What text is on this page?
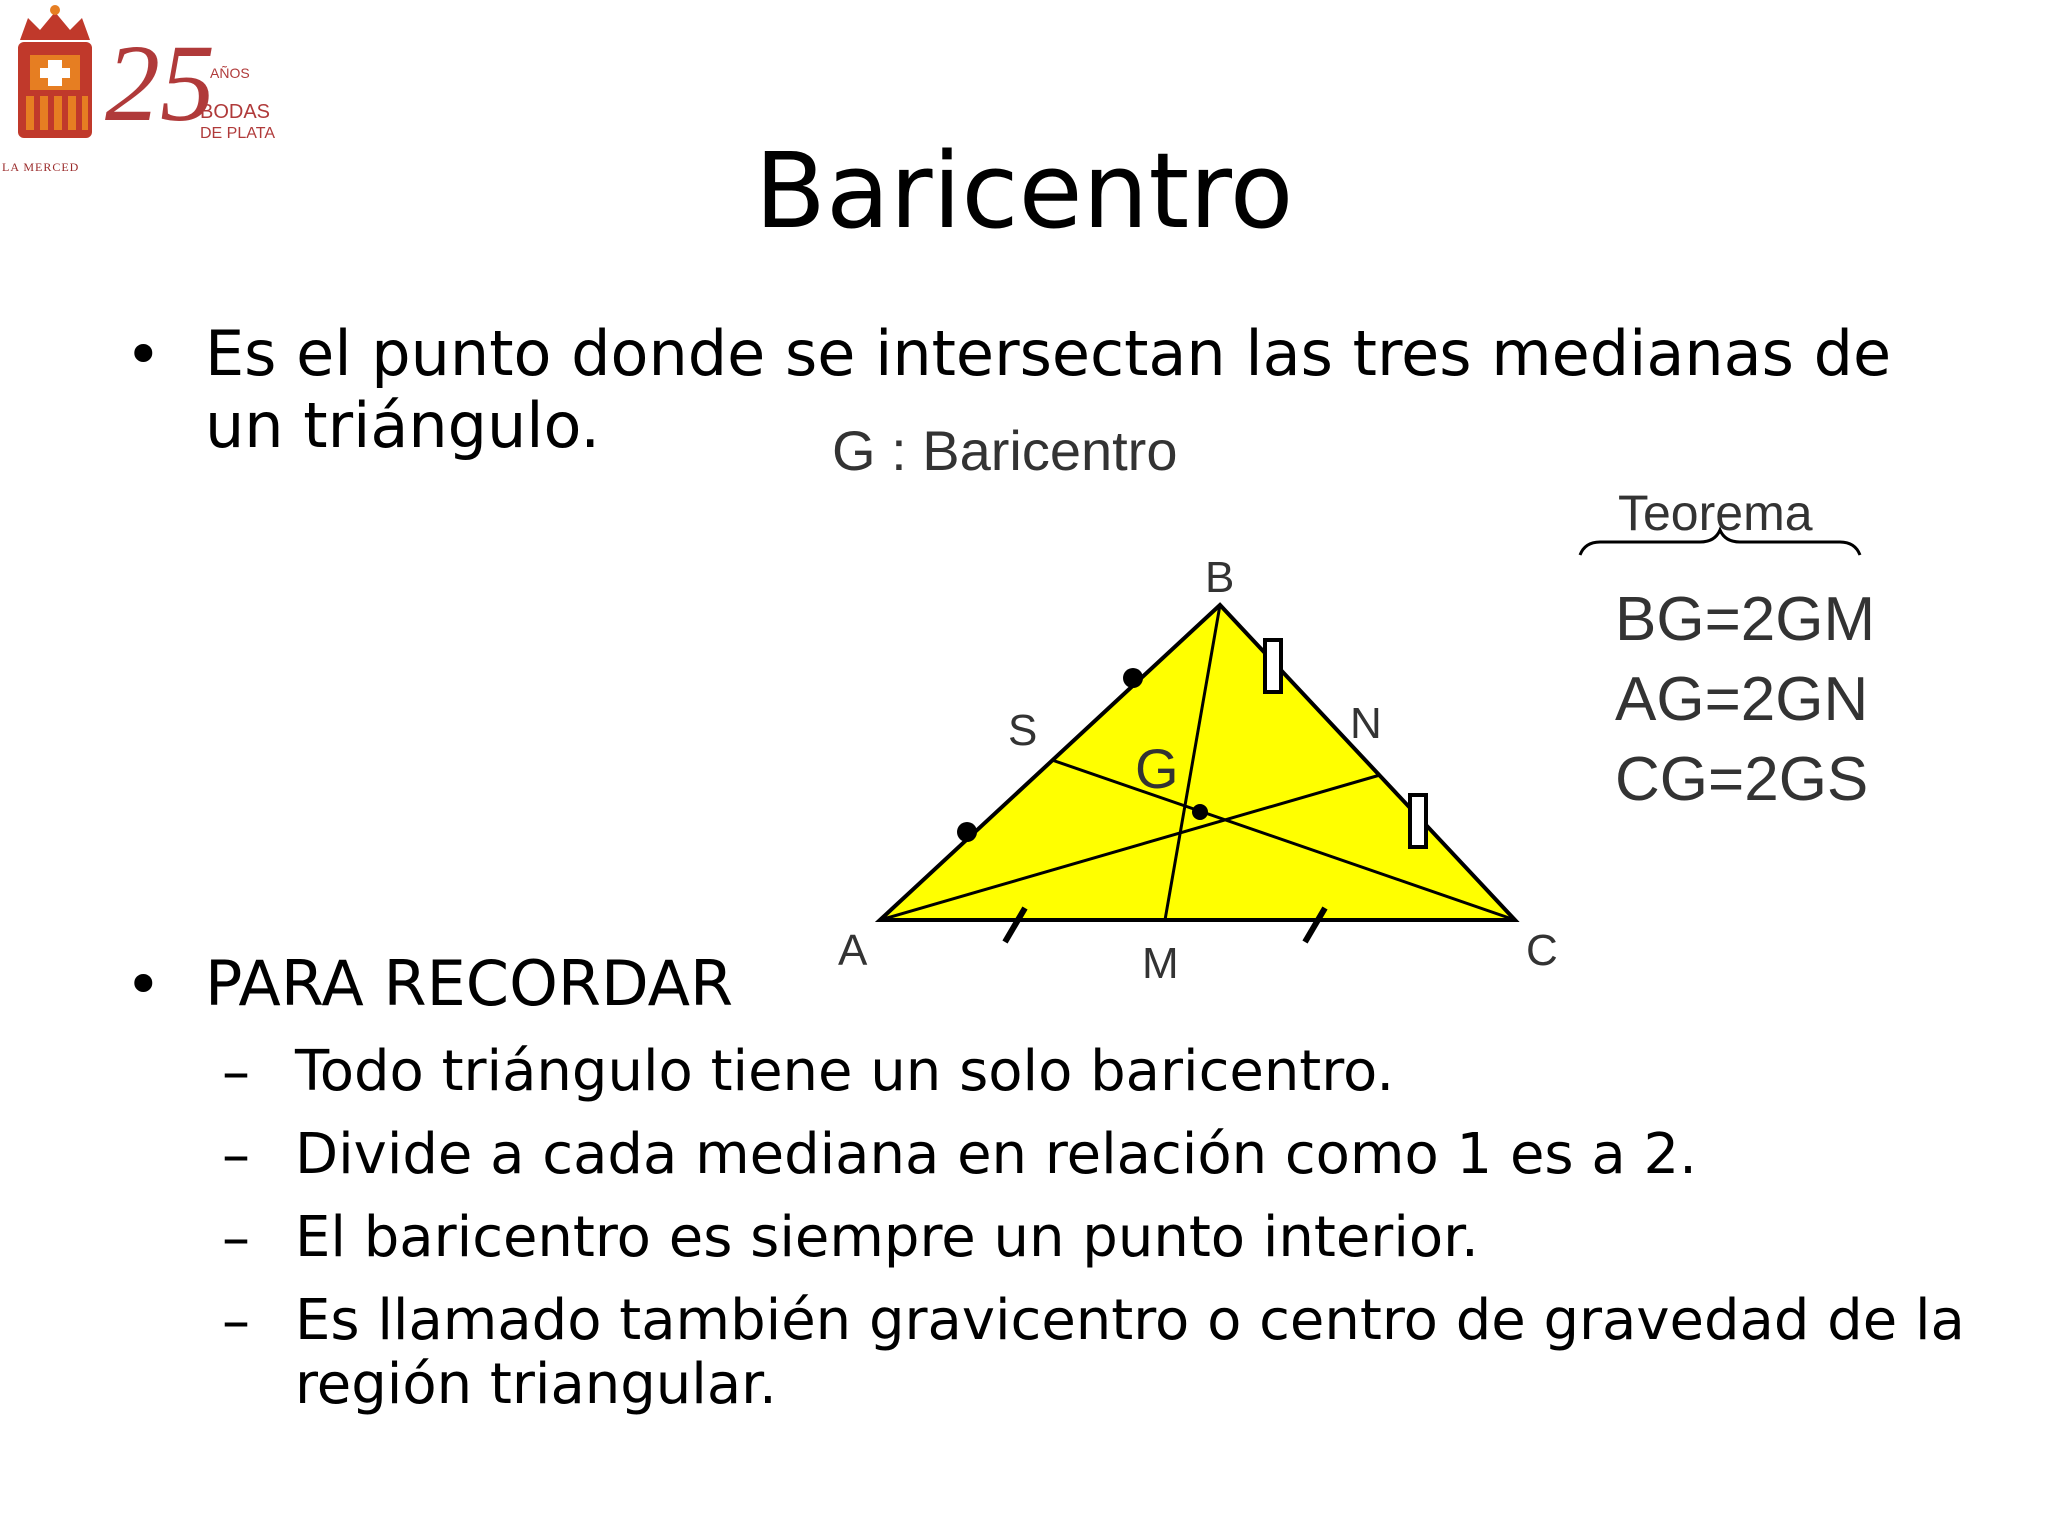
25
AÑOS
BODAS
DE PLATA
LA MERCED	Baricentro
• Es el punto donde se intersectan las tres medianas de
un triángulo.	G : Baricentro
B
A	C
M
N
S
G
Teorema
BG=2GM
AG=2GN
CG=2GS
• PARA RECORDAR
– Todo triángulo tiene un solo baricentro.
– Divide a cada mediana en relación como 1 es a 2.
– El baricentro es siempre un punto interior.
– Es llamado también gravicentro o centro de gravedad de la
región triangular.
